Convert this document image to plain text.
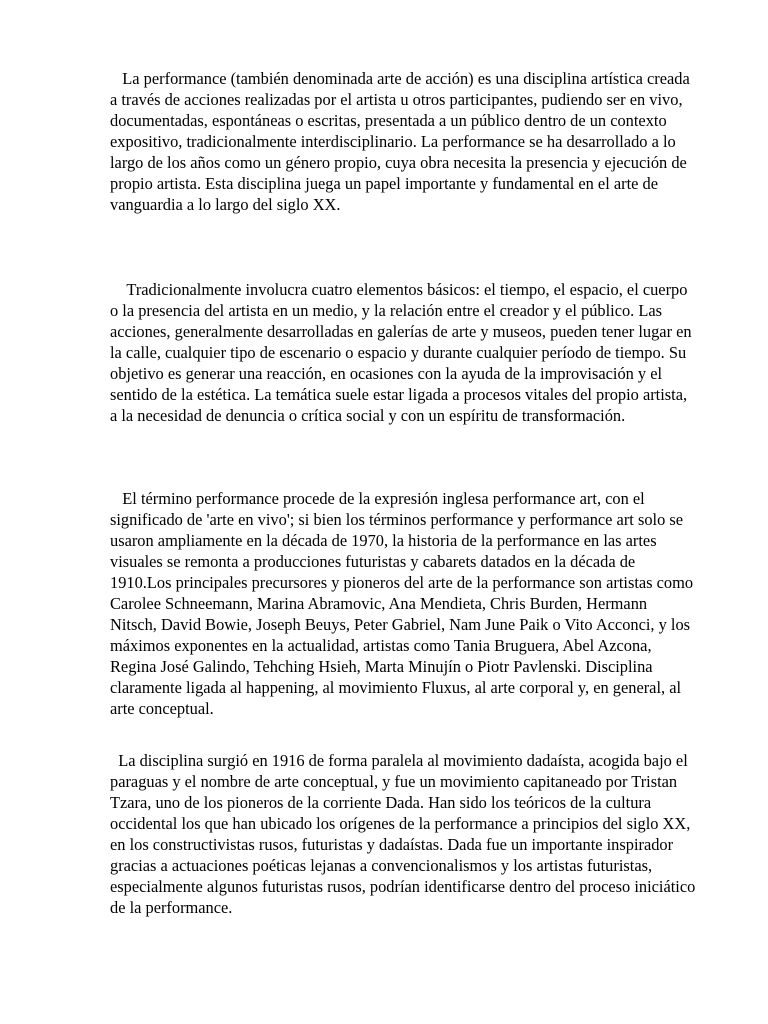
La performance (también denominada arte de acción) es una disciplina artística creada a través de acciones realizadas por el artista u otros participantes, pudiendo ser en vivo, documentadas, espontáneas o escritas, presentada a un público dentro de un contexto expositivo, tradicionalmente interdisciplinario. La performance se ha desarrollado a lo largo de los años como un género propio, cuya obra necesita la presencia y ejecución de propio artista. Esta disciplina juega un papel importante y fundamental en el arte de vanguardia a lo largo del siglo XX.

Tradicionalmente involucra cuatro elementos básicos: el tiempo, el espacio, el cuerpo o la presencia del artista en un medio, y la relación entre el creador y el público. Las acciones, generalmente desarrolladas en galerías de arte y museos, pueden tener lugar en la calle, cualquier tipo de escenario o espacio y durante cualquier período de tiempo. Su objetivo es generar una reacción, en ocasiones con la ayuda de la improvisación y el sentido de la estética. La temática suele estar ligada a procesos vitales del propio artista, a la necesidad de denuncia o crítica social y con un espíritu de transformación.

El término performance procede de la expresión inglesa performance art, con el significado de 'arte en vivo'; si bien los términos performance y performance art solo se usaron ampliamente en la década de 1970, la historia de la performance en las artes visuales se remonta a producciones futuristas y cabarets datados en la década de 1910.Los principales precursores y pioneros del arte de la performance son artistas como Carolee Schneemann, Marina Abramovic, Ana Mendieta, Chris Burden, Hermann Nitsch, David Bowie, Joseph Beuys, Peter Gabriel, Nam June Paik o Vito Acconci, y los máximos exponentes en la actualidad, artistas como Tania Bruguera, Abel Azcona, Regina José Galindo, Tehching Hsieh, Marta Minujín o Piotr Pavlenski. Disciplina claramente ligada al happening, al movimiento Fluxus, al arte corporal y, en general, al arte conceptual.

La disciplina surgió en 1916 de forma paralela al movimiento dadaísta, acogida bajo el paraguas y el nombre de arte conceptual, y fue un movimiento capitaneado por Tristan Tzara, uno de los pioneros de la corriente Dada. Han sido los teóricos de la cultura occidental los que han ubicado los orígenes de la performance a principios del siglo XX, en los constructivistas rusos, futuristas y dadaístas. Dada fue un importante inspirador gracias a actuaciones poéticas lejanas a convencionalismos y los artistas futuristas, especialmente algunos futuristas rusos, podrían identificarse dentro del proceso iniciático de la performance.
